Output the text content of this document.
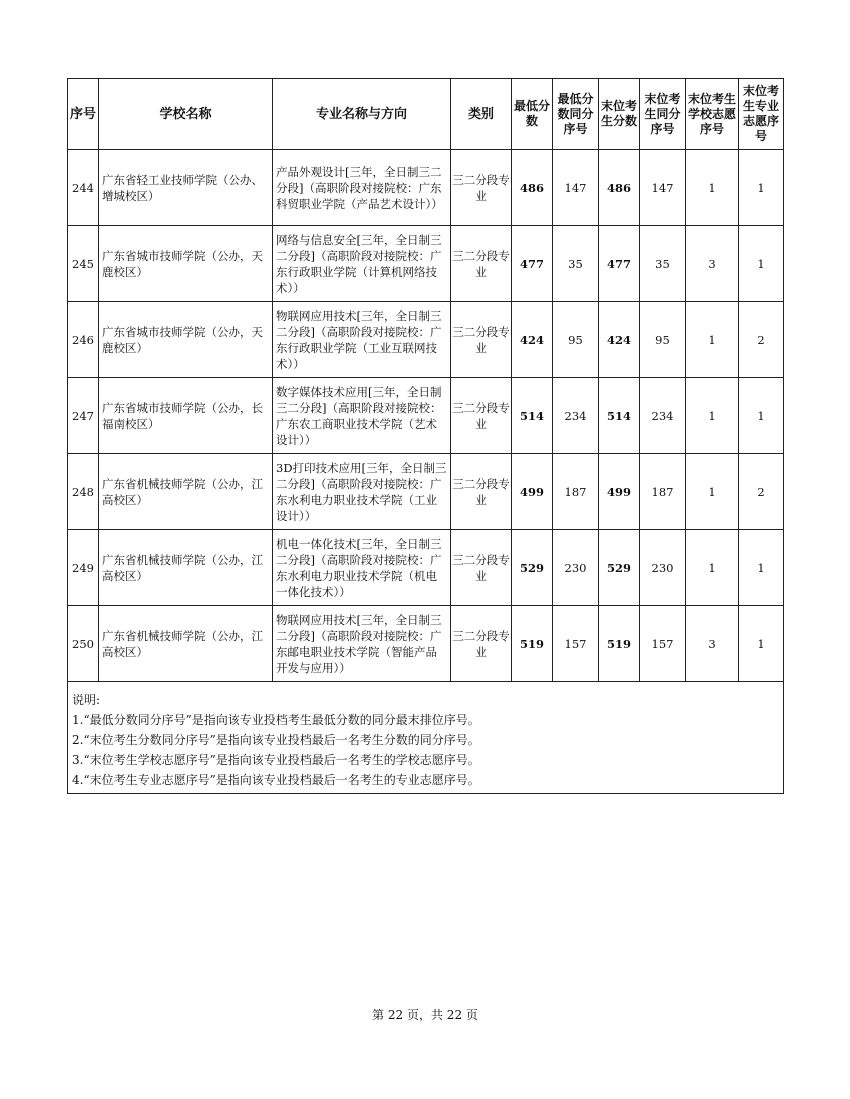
序号	学校名称	专业名称与方向	类别	最低分数	最低分数同分序号	末位考生分数	末位考生同分序号	末位考生学校志愿序号	末位考生专业志愿序号
244	广东省轻工业技师学院（公办、增城校区）	产品外观设计[三年，全日制三二分段]（高职阶段对接院校：广东科贸职业学院（产品艺术设计））	三二分段专业	486	147	486	147	1	1
245	广东省城市技师学院（公办，天鹿校区）	网络与信息安全[三年，全日制三二分段]（高职阶段对接院校：广东行政职业学院（计算机网络技术））	三二分段专业	477	35	477	35	3	1
246	广东省城市技师学院（公办，天鹿校区）	物联网应用技术[三年，全日制三二分段]（高职阶段对接院校：广东行政职业学院（工业互联网技术））	三二分段专业	424	95	424	95	1	2
247	广东省城市技师学院（公办，长福南校区）	数字媒体技术应用[三年，全日制三二分段]（高职阶段对接院校：广东农工商职业技术学院（艺术设计））	三二分段专业	514	234	514	234	1	1
248	广东省机械技师学院（公办，江高校区）	3D打印技术应用[三年，全日制三二分段]（高职阶段对接院校：广东水利电力职业技术学院（工业设计））	三二分段专业	499	187	499	187	1	2
249	广东省机械技师学院（公办，江高校区）	机电一体化技术[三年，全日制三二分段]（高职阶段对接院校：广东水利电力职业技术学院（机电一体化技术））	三二分段专业	529	230	529	230	1	1
250	广东省机械技师学院（公办，江高校区）	物联网应用技术[三年，全日制三二分段]（高职阶段对接院校：广东邮电职业技术学院（智能产品开发与应用））	三二分段专业	519	157	519	157	3	1

说明:
1.“最低分数同分序号”是指向该专业投档考生最低分数的同分最末排位序号。
2.“末位考生分数同分序号”是指向该专业投档最后一名考生分数的同分序号。
3.“末位考生学校志愿序号”是指向该专业投档最后一名考生的学校志愿序号。
4.“末位考生专业志愿序号”是指向该专业投档最后一名考生的专业志愿序号。									
第 22 页，共 22 页
